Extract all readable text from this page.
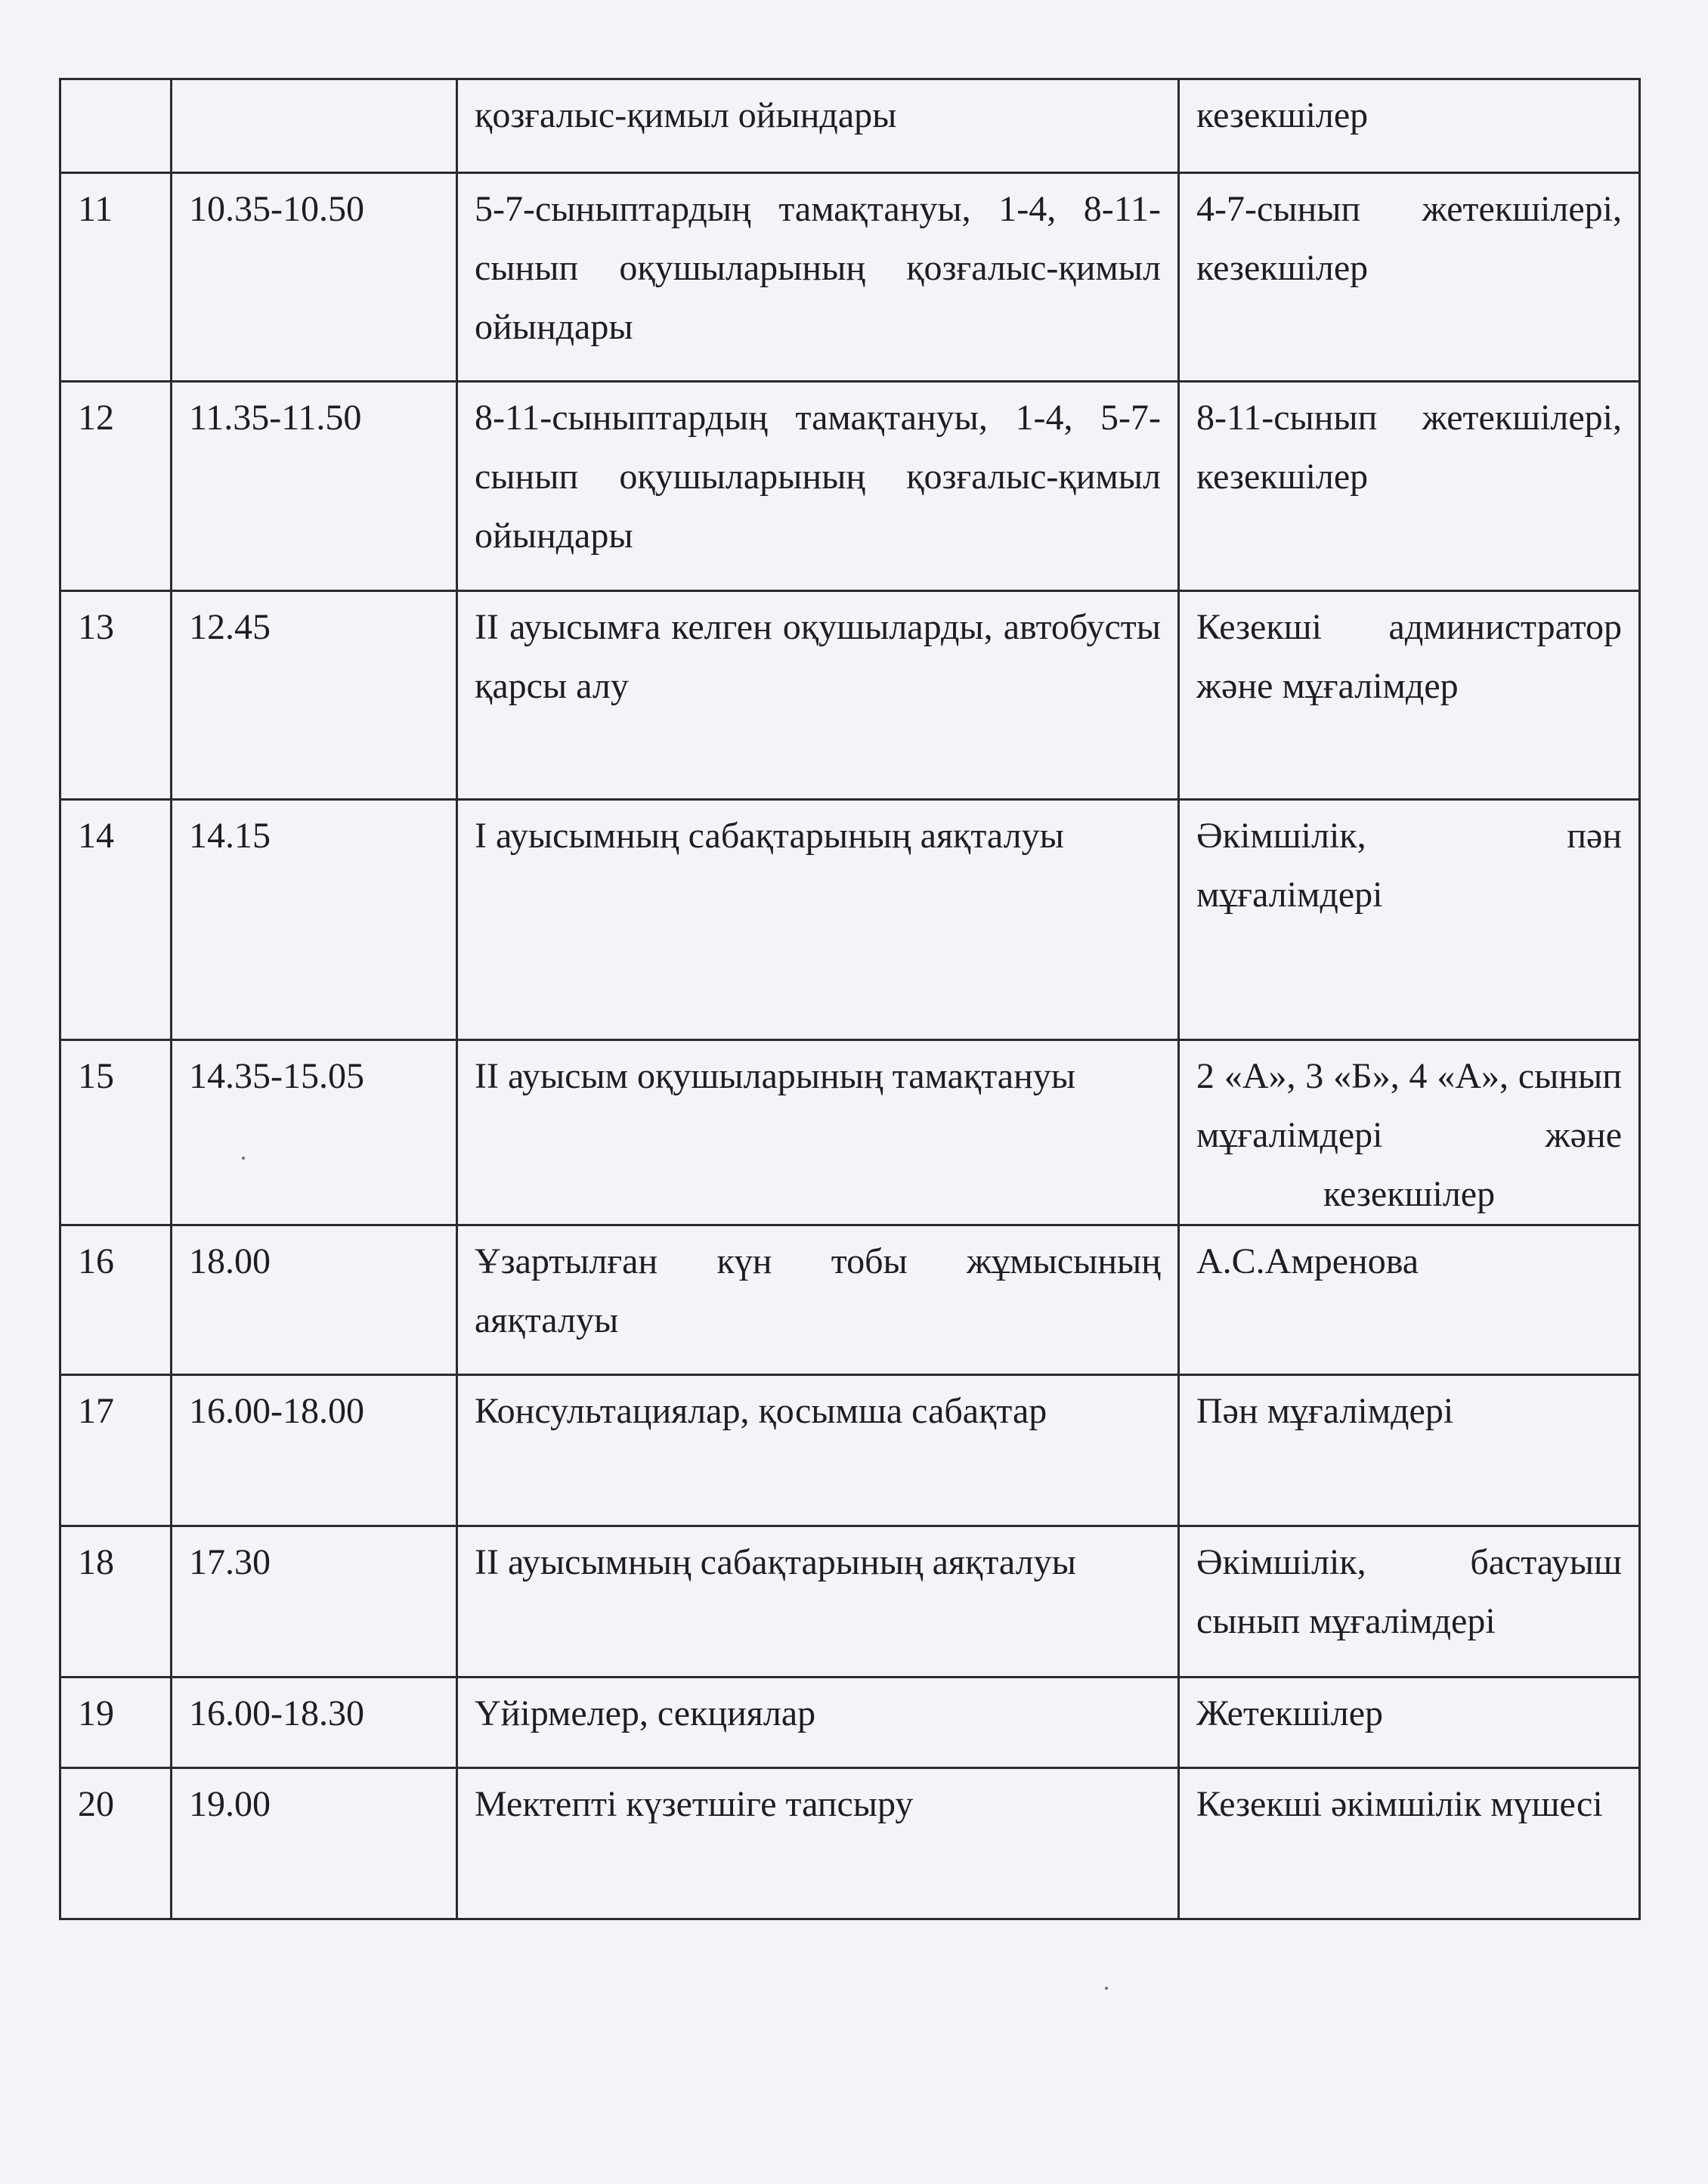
		қозғалыс-қимыл ойындары	кезекшілер
11	10.35-10.50	5-7-сыныптардың тамақтануы, 1-4, 8-11-сынып оқушыларының қозғалыс-қимыл ойындары	4-7-сынып жетекшілері, кезекшілер
12	11.35-11.50	8-11-сыныптардың тамақтануы, 1-4, 5-7-сынып оқушыларының қозғалыс-қимыл ойындары	8-11-сынып жетекшілері, кезекшілер
13	12.45	ІІ ауысымға келген оқушыларды, автобусты қарсы алу	Кезекші администратор және мұғалімдер
14	14.15	І ауысымның сабақтарының аяқталуы	Әкімшілік, пән мұғалімдері
15	14.35-15.05	ІІ ауысым оқушыларының тамақтануы	2 «А», 3 «Б», 4 «А», сынып мұғалімдері және кезекшілер
16	18.00	Ұзартылған күн тобы жұмысының аяқталуы	А.С.Амренова
17	16.00-18.00	Консультациялар, қосымша сабақтар	Пән мұғалімдері
18	17.30	ІІ ауысымның сабақтарының аяқталуы	Әкімшілік, бастауыш сынып мұғалімдері
19	16.00-18.30	Үйірмелер, секциялар	Жетекшілер
20	19.00	Мектепті күзетшіге тапсыру	Кезекші әкімшілік мүшесі
